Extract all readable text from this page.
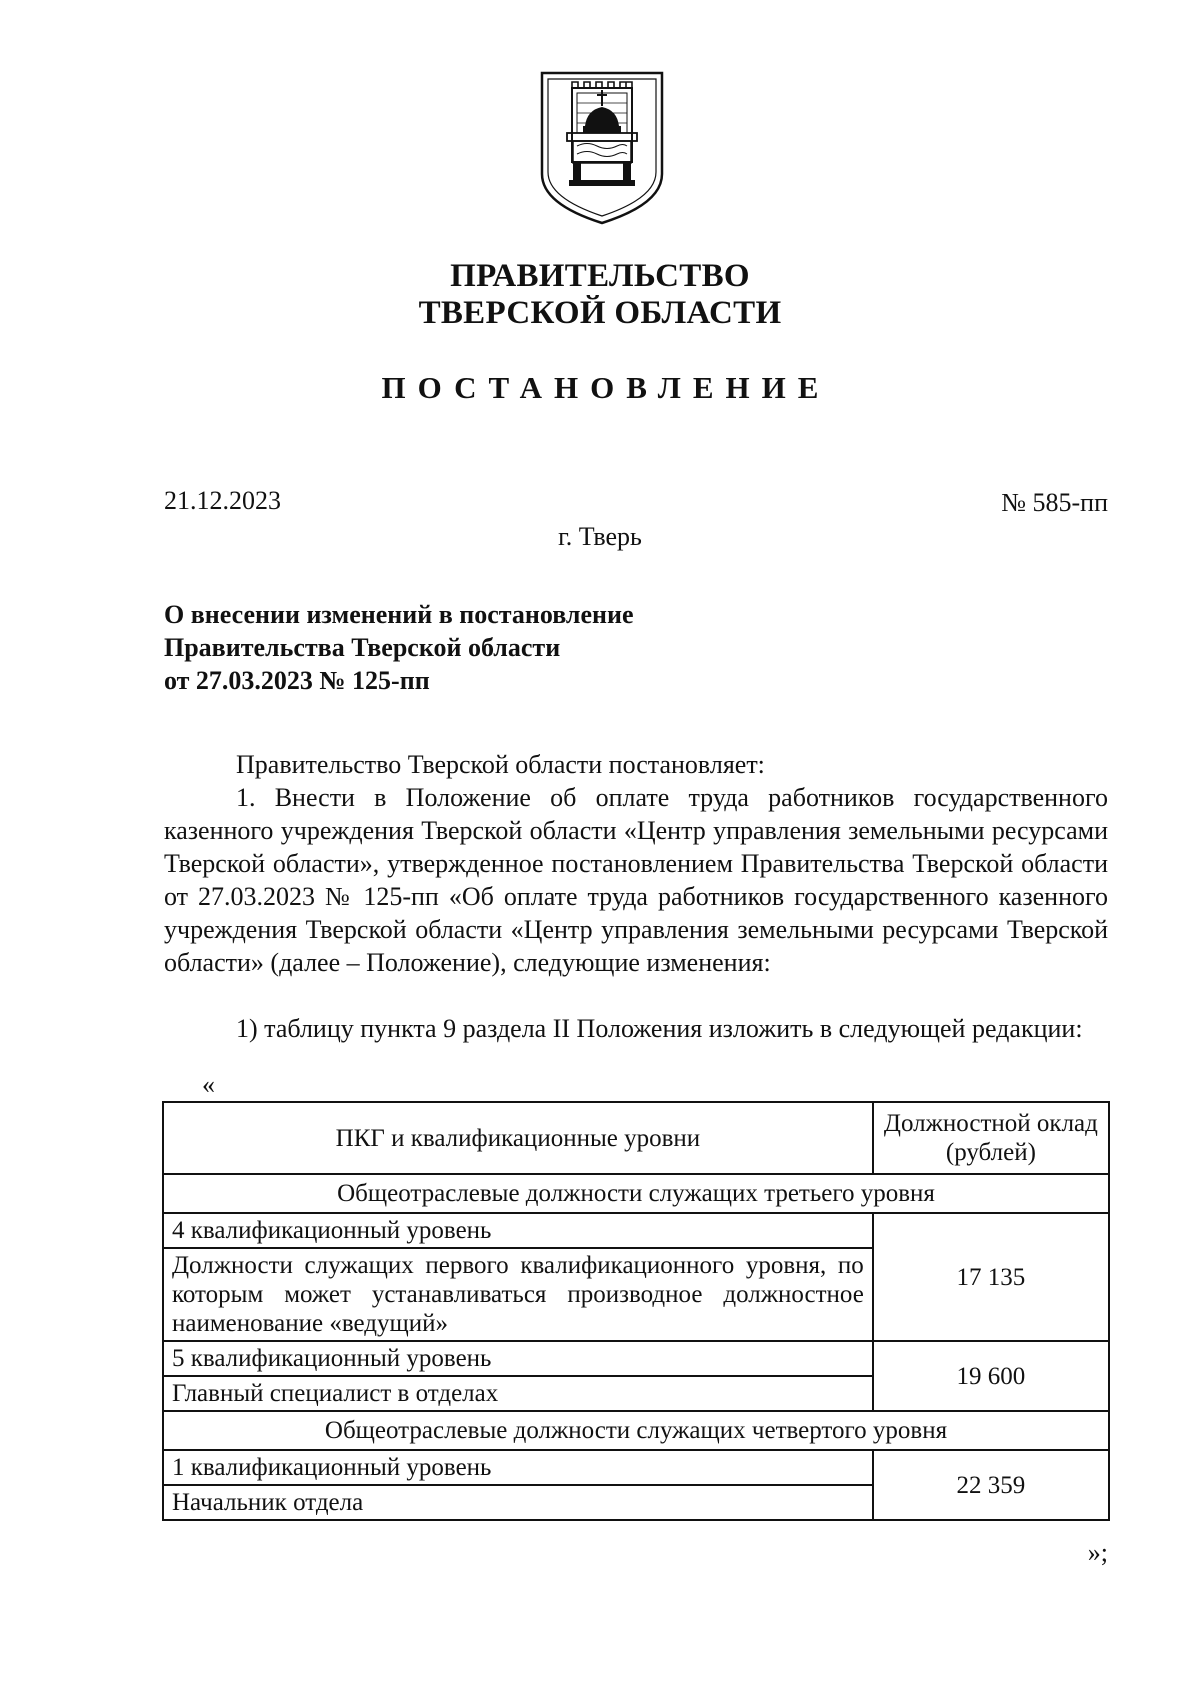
ПРАВИТЕЛЬСТВО
ТВЕРСКОЙ ОБЛАСТИ
ПОСТАНОВЛЕНИЕ
21.12.2023	№ 585-пп
г. Тверь
О внесении изменений в постановление
Правительства Тверской области
от 27.03.2023 № 125-пп
Правительство Тверской области постановляет:
1. Внести в Положение об оплате труда работников государственного казенного учреждения Тверской области «Центр управления земельными ресурсами Тверской области», утвержденное постановлением Правительства Тверской области от 27.03.2023 № 125-пп «Об оплате труда работников государственного казенного учреждения Тверской области «Центр управления земельными ресурсами Тверской области» (далее – Положение), следующие изменения:
1) таблицу пункта 9 раздела II Положения изложить в следующей редакции:
«
ПКГ и квалификационные уровни	Должностной оклад (рублей)
Общеотраслевые должности служащих третьего уровня	
4 квалификационный уровень	17 135
Должности служащих первого квалификационного уровня, по которым может устанавливаться производное должностное наименование «ведущий»	
5 квалификационный уровень	19 600
Главный специалист в отделах	
Общеотраслевые должности служащих четвертого уровня	
1 квалификационный уровень	22 359
Начальник отдела	
»;
